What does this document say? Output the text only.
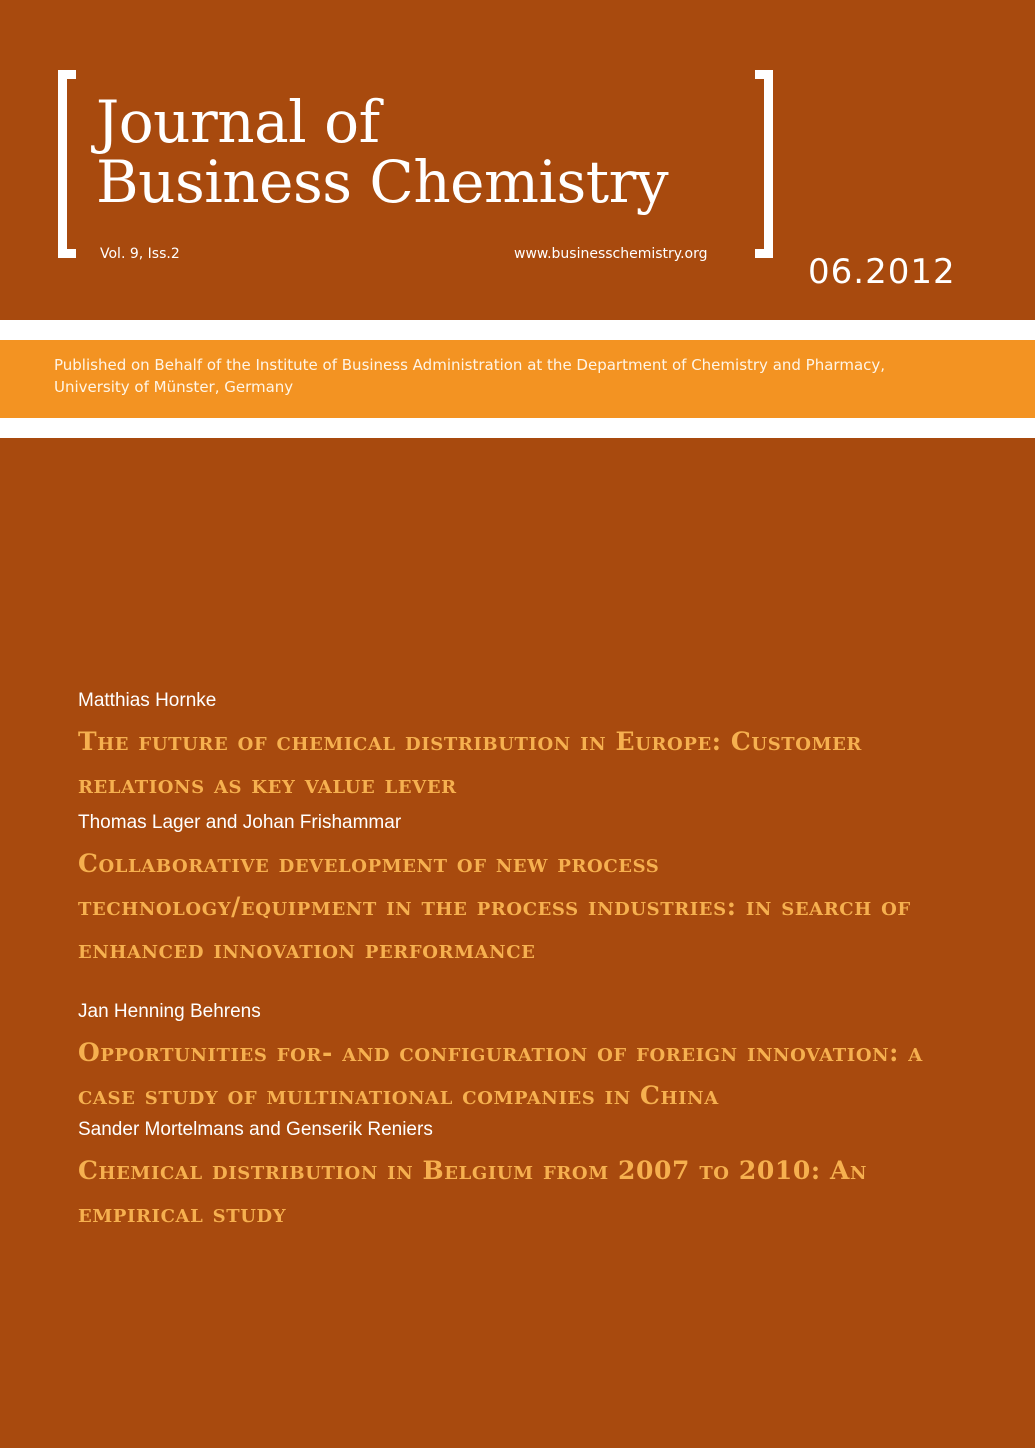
Journal of
Business Chemistry
Vol. 9, Iss.2	www.businesschemistry.org	06.2012
Published on Behalf of the Institute of Business Administration at the Department of Chemistry and Pharmacy,
University of Münster, Germany

Matthias Hornke

The future of chemical distribution in Europe: Customer relations as key value lever

Thomas Lager and Johan Frishammar

Collaborative development of new process technology/equipment in the process industries: in search of enhanced innovation performance

Jan Henning Behrens

Opportunities for- and configuration of foreign innovation: a case study of multinational companies in China

Sander Mortelmans and Genserik Reniers

Chemical distribution in Belgium from 2007 to 2010: An empirical study
